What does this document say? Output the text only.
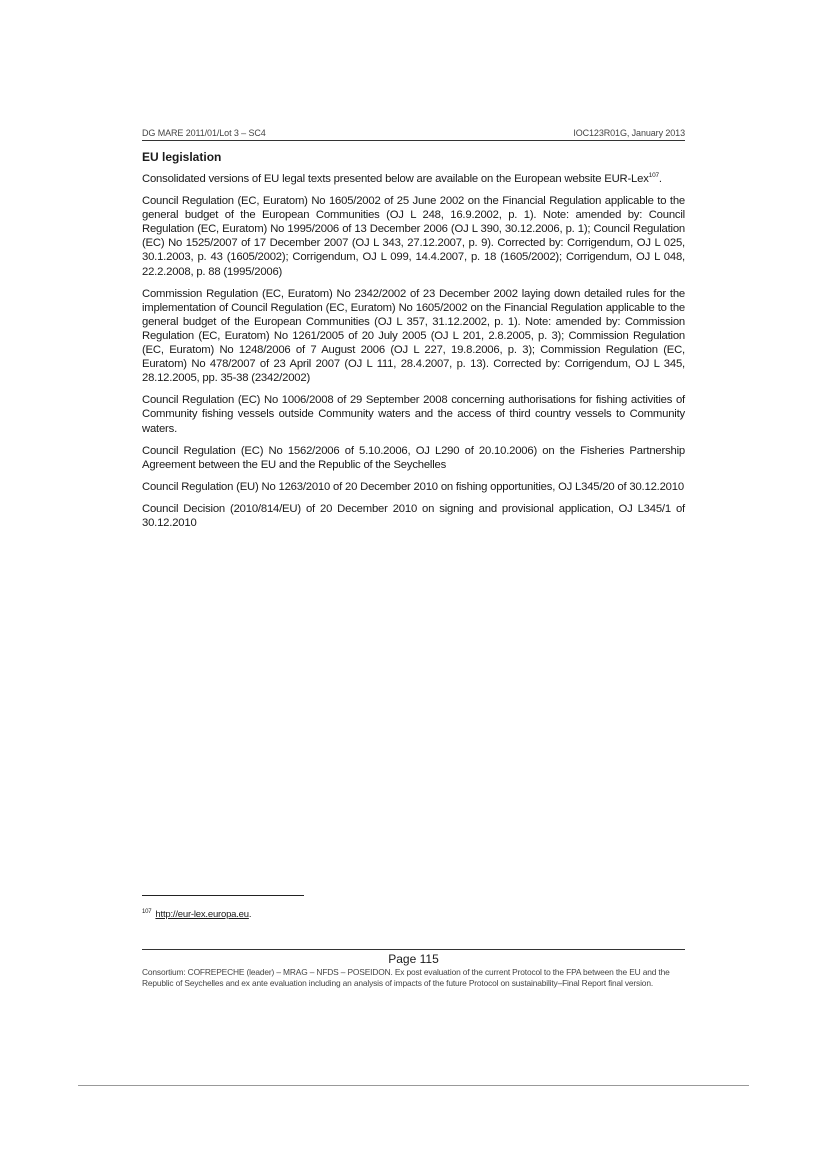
DG MARE 2011/01/Lot 3 – SC4	IOC123R01G, January 2013
EU legislation

Consolidated versions of EU legal texts presented below are available on the European website EUR-Lex$^{107}$.

Council Regulation (EC, Euratom) No 1605/2002 of 25 June 2002 on the Financial Regulation applicable to the general budget of the European Communities (OJ L 248, 16.9.2002, p. 1). Note: amended by: Council Regulation (EC, Euratom) No 1995/2006 of 13 December 2006 (OJ L 390, 30.12.2006, p. 1); Council Regulation (EC) No 1525/2007 of 17 December 2007 (OJ L 343, 27.12.2007, p. 9). Corrected by: Corrigendum, OJ L 025, 30.1.2003, p. 43 (1605/2002); Corrigendum, OJ L 099, 14.4.2007, p. 18 (1605/2002); Corrigendum, OJ L 048, 22.2.2008, p. 88 (1995/2006)

Commission Regulation (EC, Euratom) No 2342/2002 of 23 December 2002 laying down detailed rules for the implementation of Council Regulation (EC, Euratom) No 1605/2002 on the Financial Regulation applicable to the general budget of the European Communities (OJ L 357, 31.12.2002, p. 1). Note: amended by: Commission Regulation (EC, Euratom) No 1261/2005 of 20 July 2005 (OJ L 201, 2.8.2005, p. 3); Commission Regulation (EC, Euratom) No 1248/2006 of 7 August 2006 (OJ L 227, 19.8.2006, p. 3); Commission Regulation (EC, Euratom) No 478/2007 of 23 April 2007 (OJ L 111, 28.4.2007, p. 13). Corrected by: Corrigendum, OJ L 345, 28.12.2005, pp. 35-38 (2342/2002)

Council Regulation (EC) No 1006/2008 of 29 September 2008 concerning authorisations for fishing activities of Community fishing vessels outside Community waters and the access of third country vessels to Community waters.

Council Regulation (EC) No 1562/2006 of 5.10.2006, OJ L290 of 20.10.2006) on the Fisheries Partnership Agreement between the EU and the Republic of the Seychelles

Council Regulation (EU) No 1263/2010 of 20 December 2010 on fishing opportunities, OJ L345/20 of 30.12.2010

Council Decision (2010/814/EU) of 20 December 2010 on signing and provisional application, OJ L345/1 of 30.12.2010

$^{107}$ http://eur-lex.europa.eu.
Page 115
Consortium: COFREPECHE (leader) – MRAG – NFDS – POSEIDON. Ex post evaluation of the current Protocol to the FPA between the EU and the Republic of Seychelles and ex ante evaluation including an analysis of impacts of the future Protocol on sustainability–Final Report final version.
